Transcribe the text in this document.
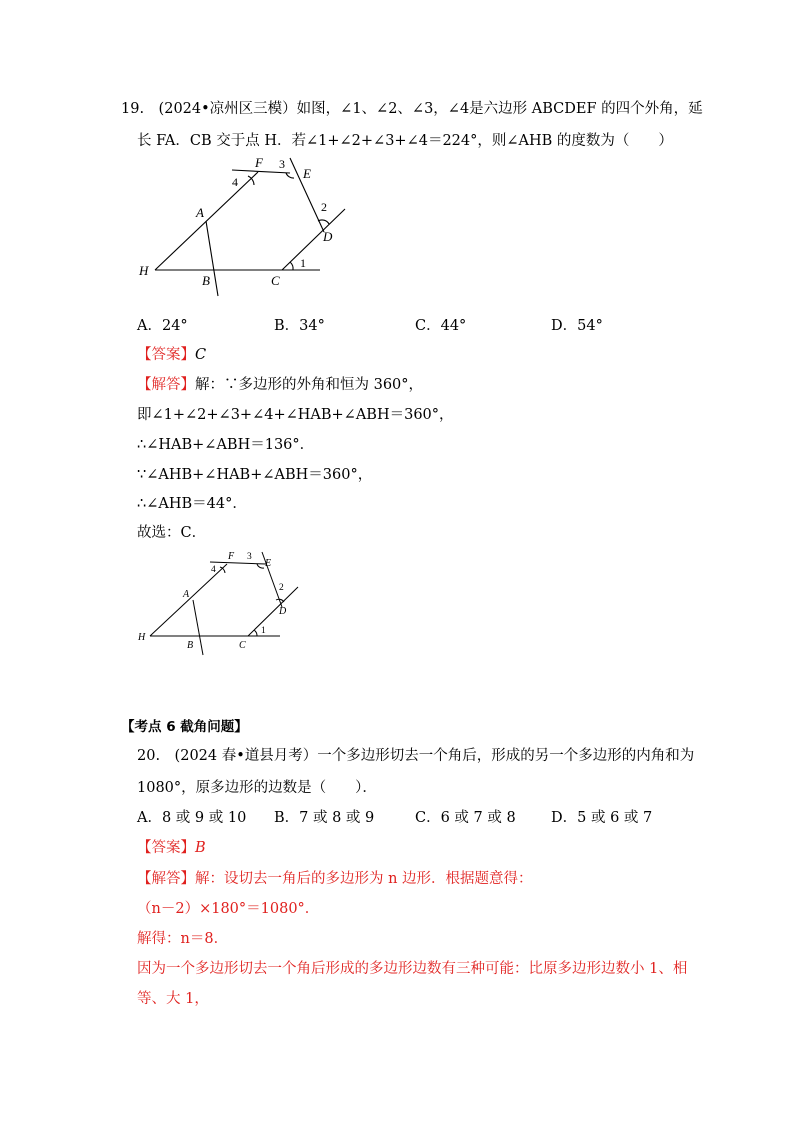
19.　(2024•凉州区三模）如图，∠1、∠2、∠3，∠4是六边形 ABCDEF 的四个外角，延
长 FA．CB 交于点 H．若∠1+∠2+∠3+∠4＝224°，则∠AHB 的度数为（　　）
F
E
A
D
H
B	C
3
4
2
1
A．24°	B．34°	C．44°	D．54°
【答案】C
【解答】解：∵多边形的外角和恒为 360°，
即∠1+∠2+∠3+∠4+∠HAB+∠ABH＝360°，
∴∠HAB+∠ABH＝136°．
∵∠AHB+∠HAB+∠ABH＝360°，
∴∠AHB＝44°．
故选：C．
F
E
A
D
H
B	C
3
4
2
1
【考点 6 截角问题】
20.　(2024 春•道县月考）一个多边形切去一个角后，形成的另一个多边形的内角和为
1080°，原多边形的边数是（　　）．
A．8 或 9 或 10 B．7 或 8 或 9	C．6 或 7 或 8 D．5 或 6 或 7
【答案】B
【解答】解：设切去一角后的多边形为 n 边形．根据题意得：
（n－2）×180°＝1080°．
解得：n＝8．
因为一个多边形切去一个角后形成的多边形边数有三种可能：比原多边形边数小 1、相
等、大 1，
